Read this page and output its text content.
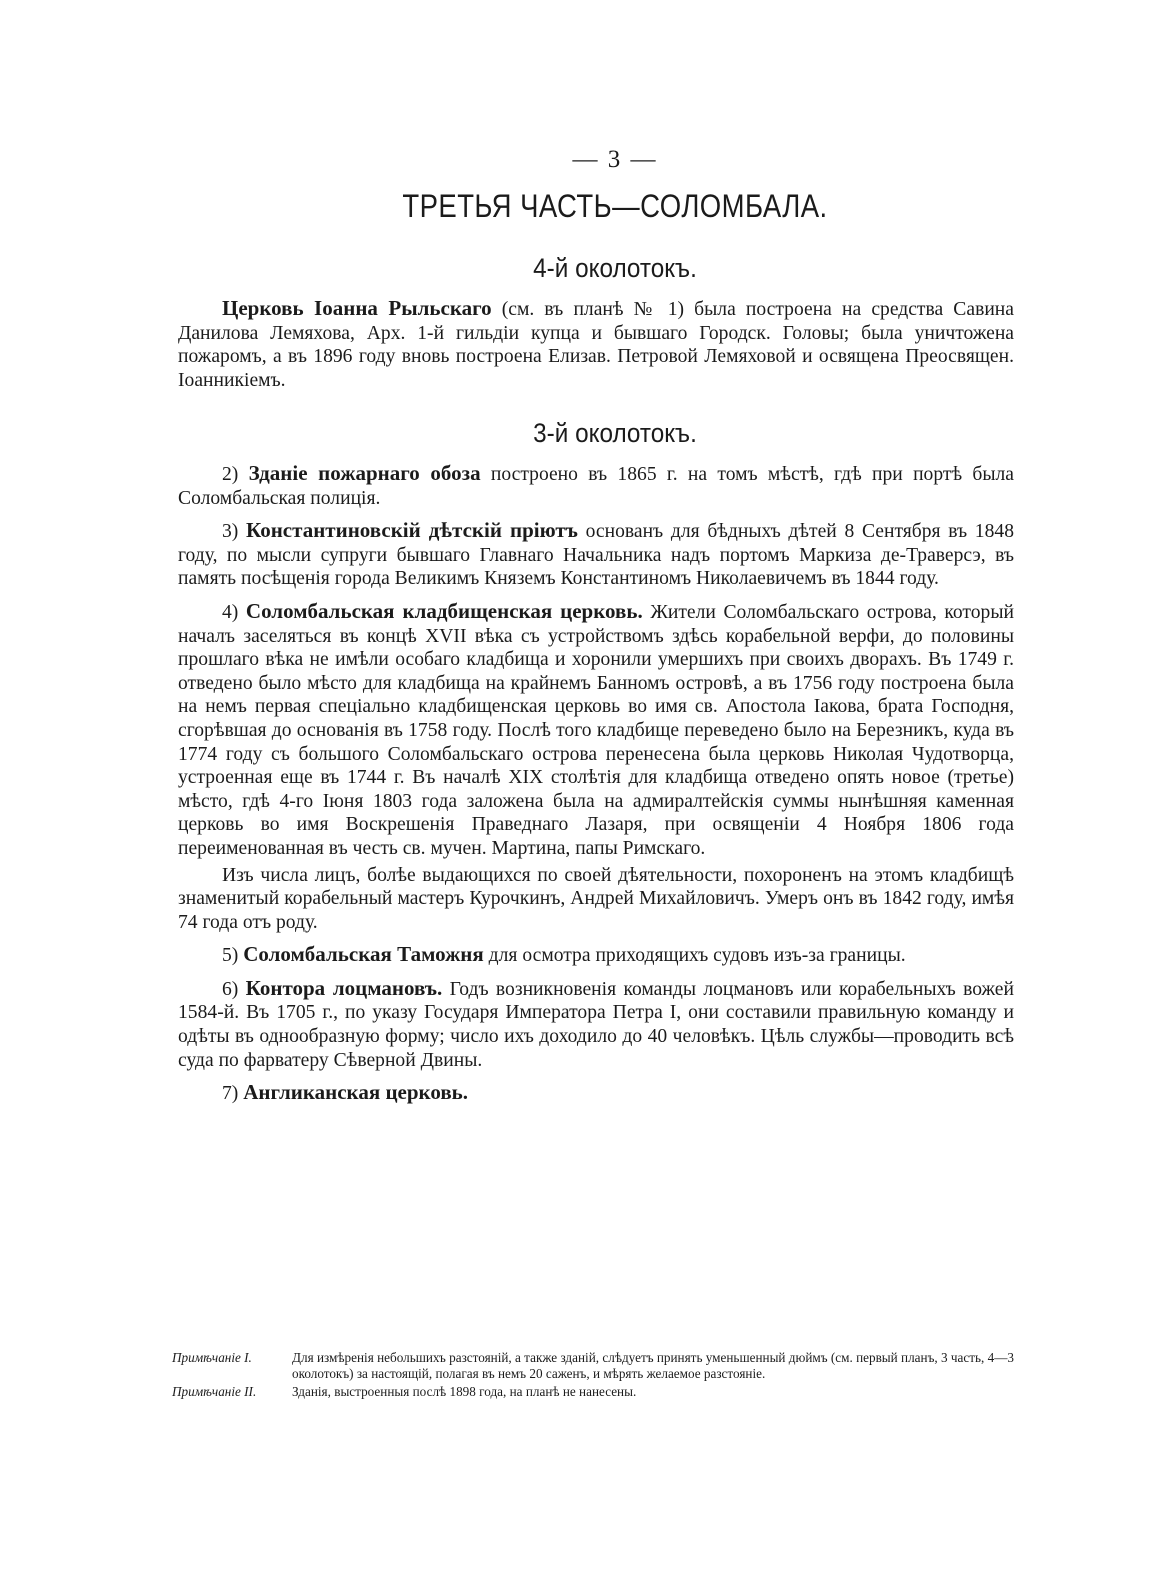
— 3 —
ТРЕТЬЯ ЧАСТЬ—СОЛОМБАЛА.
4-й околотокъ.

Церковь Іоанна Рыльскаго (см. въ планѣ № 1) была построена на средства Савина Данилова Лемяхова, Арх. 1-й гильдіи купца и бывшаго Городск. Головы; была уничтожена пожаромъ, а въ 1896 году вновь построена Елизав. Петровой Лемяховой и освящена Преосвящен. Іоанникіемъ.

3-й околотокъ.

2) Зданіе пожарнаго обоза построено въ 1865 г. на томъ мѣстѣ, гдѣ при портѣ была Соломбальская полиція.

3) Константиновскій дѣтскій пріютъ основанъ для бѣдныхъ дѣтей 8 Сентября въ 1848 году, по мысли супруги бывшаго Главнаго Начальника надъ портомъ Маркиза де-Траверсэ, въ память посѣщенія города Великимъ Княземъ Константиномъ Николаевичемъ въ 1844 году.

4) Соломбальская кладбищенская церковь. Жители Соломбальскаго острова, который началъ заселяться въ концѣ XVII вѣка съ устройствомъ здѣсь корабельной верфи, до половины прошлаго вѣка не имѣли особаго кладбища и хоронили умершихъ при своихъ дворахъ. Въ 1749 г. отведено было мѣсто для кладбища на крайнемъ Банномъ островѣ, а въ 1756 году построена была на немъ первая спеціально кладбищенская церковь во имя св. Апостола Іакова, брата Господня, сгорѣвшая до основанія въ 1758 году. Послѣ того кладбище переведено было на Березникъ, куда въ 1774 году съ большого Соломбальскаго острова перенесена была церковь Николая Чудотворца, устроенная еще въ 1744 г. Въ началѣ XIX столѣтія для кладбища отведено опять новое (третье) мѣсто, гдѣ 4-го Іюня 1803 года заложена была на адмиралтейскія суммы нынѣшняя каменная церковь во имя Воскрешенія Праведнаго Лазаря, при освященіи 4 Ноября 1806 года переименованная въ честь св. мучен. Мартина, папы Римскаго.

Изъ числа лицъ, болѣе выдающихся по своей дѣятельности, похороненъ на этомъ кладбищѣ знаменитый корабельный мастеръ Курочкинъ, Андрей Михайловичъ. Умеръ онъ въ 1842 году, имѣя 74 года отъ роду.

5) Соломбальская Таможня для осмотра приходящихъ судовъ изъ-за границы.

6) Контора лоцмановъ. Годъ возникновенія команды лоцмановъ или корабельныхъ вожей 1584-й. Въ 1705 г., по указу Государя Императора Петра I, они составили правильную команду и одѣты въ однообразную форму; число ихъ доходило до 40 человѣкъ. Цѣль службы—проводить всѣ суда по фарватеру Сѣверной Двины.

7) Англиканская церковь.

Примѣчаніе I.	Для измѣренія небольшихъ разстояній, а также зданій, слѣдуетъ принять уменьшенный дюймъ (см. первый планъ, 3 часть, 4—3 околотокъ) за настоящій, полагая въ немъ 20 саженъ, и мѣрять желаемое разстояніе.
Примѣчаніе II.	Зданія, выстроенныя послѣ 1898 года, на планѣ не нанесены.
